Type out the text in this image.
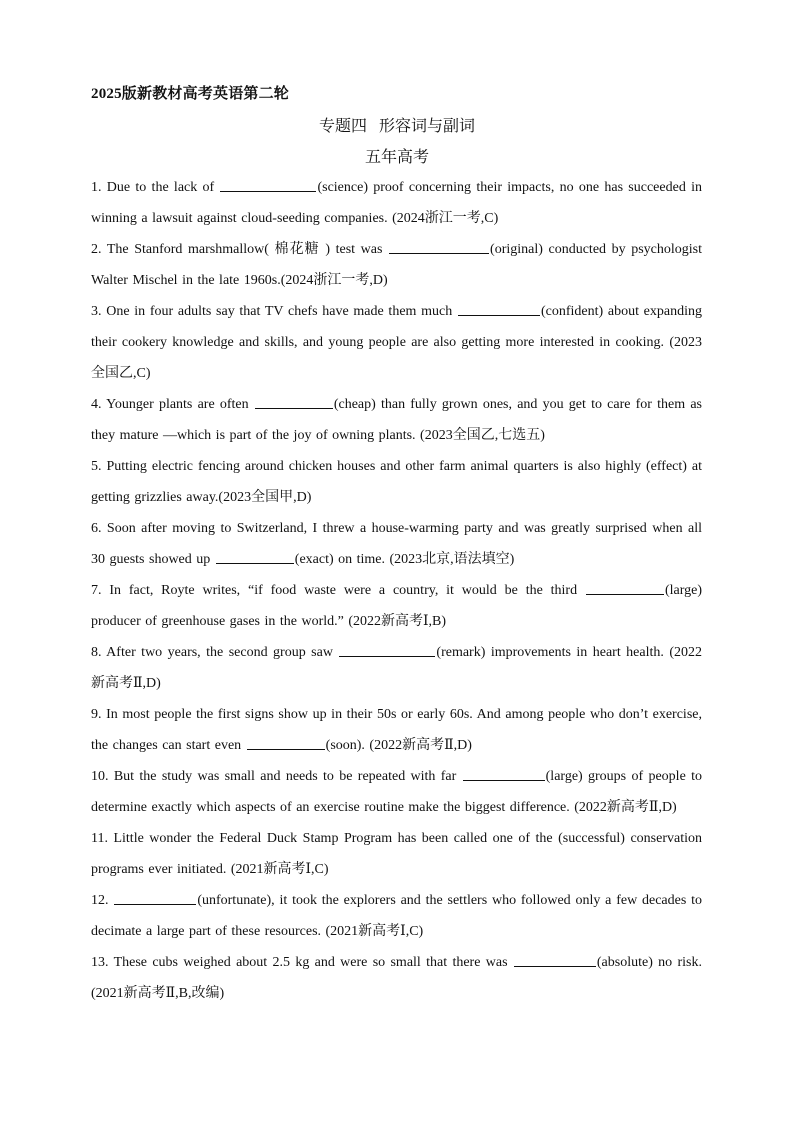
2025版新教材高考英语第二轮
专题四 形容词与副词
五年高考
1. Due to the lack of	(science) proof concerning their impacts, no one has succeeded in winning a lawsuit against cloud-seeding companies. (2024浙江一考,C)
2. The Stanford marshmallow( 棉花糖 ) test was	(original) conducted by psychologist Walter Mischel in the late 1960s.(2024浙江一考,D)
3. One in four adults say that TV chefs have made them much	(confident) about expanding their cookery knowledge and skills, and young people are also getting more interested in cooking. (2023全国乙,C)
4. Younger plants are often	(cheap) than fully grown ones, and you get to care for them as they mature —which is part of the joy of owning plants. (2023全国乙,七选五)
5. Putting electric fencing around chicken houses and other farm animal quarters is also highly (effect) at getting grizzlies away.(2023全国甲,D)
6. Soon after moving to Switzerland, I threw a house-warming party and was greatly surprised when all 30 guests showed up	(exact) on time. (2023北京,语法填空)
7. In fact, Royte writes, “if food waste were a country, it would be the third	(large) producer of greenhouse gases in the world.” (2022新高考Ⅰ,B)
8. After two years, the second group saw	(remark) improvements in heart health. (2022新高考Ⅱ,D)
9. In most people the first signs show up in their 50s or early 60s. And among people who don’t exercise, the changes can start even	(soon). (2022新高考Ⅱ,D)
10. But the study was small and needs to be repeated with far	(large) groups of people to determine exactly which aspects of an exercise routine make the biggest difference. (2022新高考Ⅱ,D)
11. Little wonder the Federal Duck Stamp Program has been called one of the (successful) conservation programs ever initiated. (2021新高考Ⅰ,C)
12.	(unfortunate), it took the explorers and the settlers who followed only a few decades to decimate a large part of these resources. (2021新高考Ⅰ,C)
13. These cubs weighed about 2.5 kg and were so small that there was	(absolute) no risk. (2021新高考Ⅱ,B,改编)
